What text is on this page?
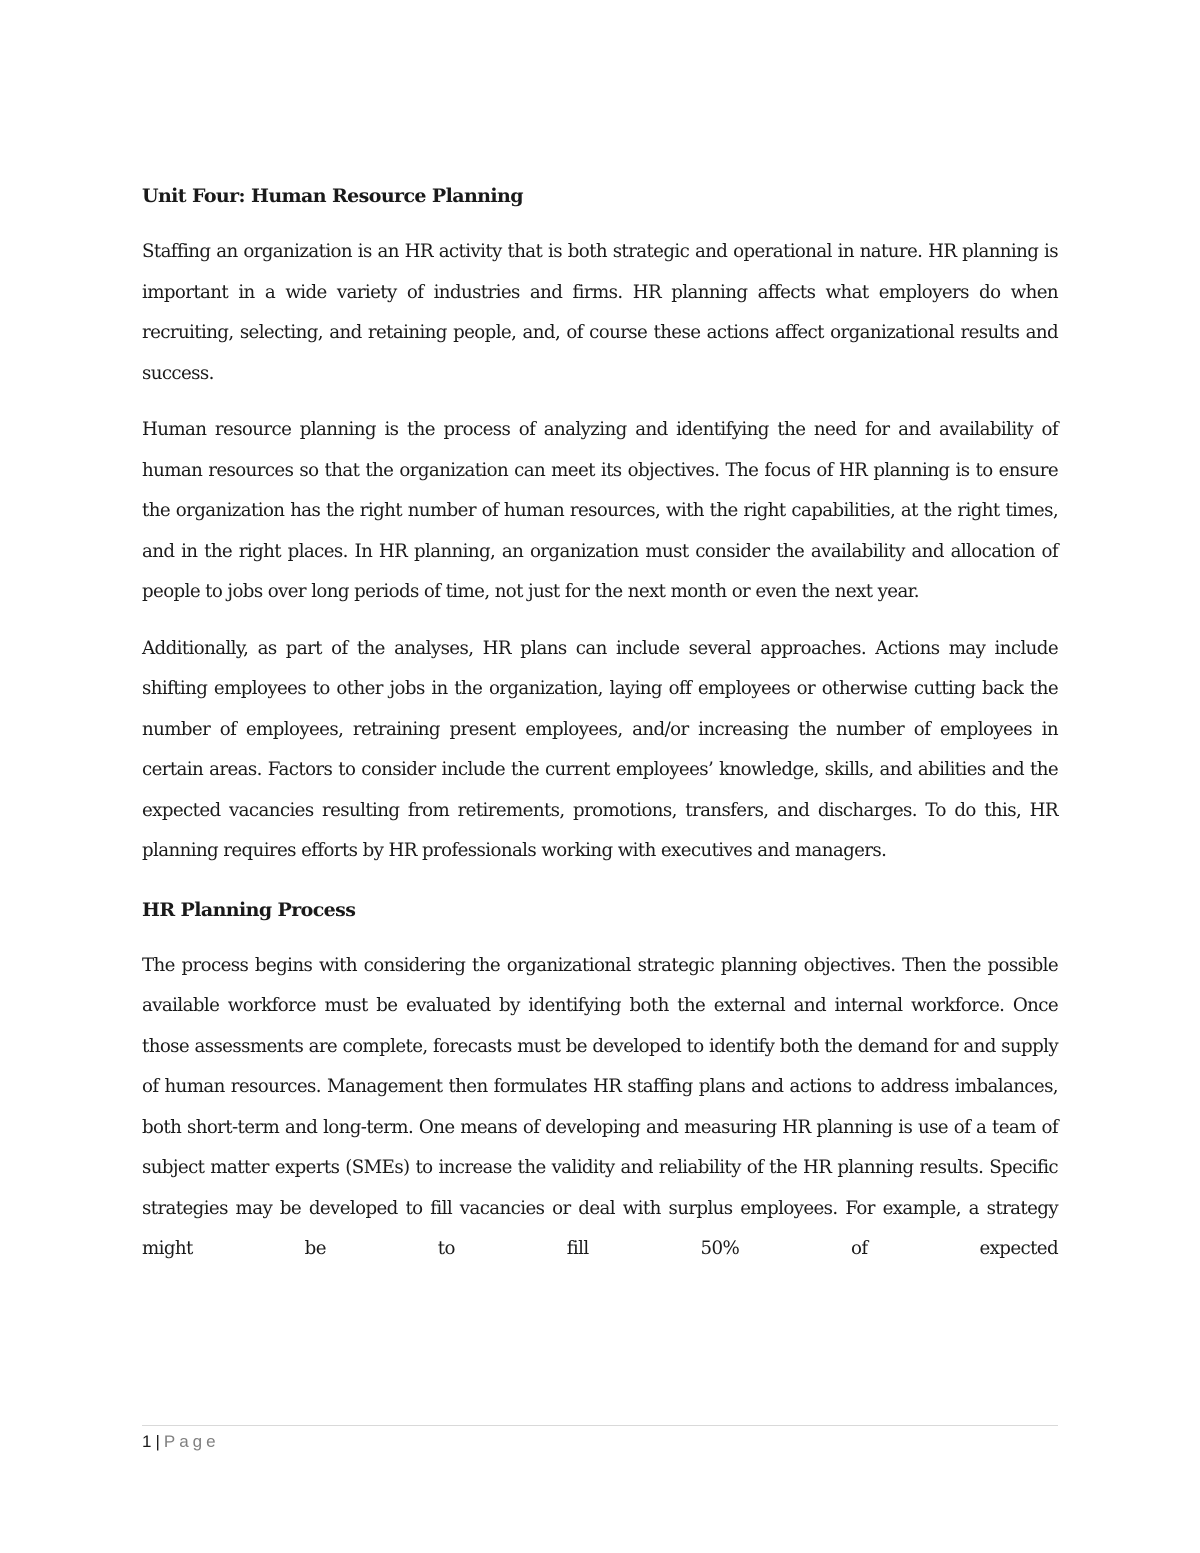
Unit Four: Human Resource Planning

Staffing an organization is an HR activity that is both strategic and operational in nature. HR planning is important in a wide variety of industries and firms. HR planning affects what employers do when recruiting, selecting, and retaining people, and, of course these actions affect organizational results and success.

Human resource planning is the process of analyzing and identifying the need for and availability of human resources so that the organization can meet its objectives. The focus of HR planning is to ensure the organization has the right number of human resources, with the right capabilities, at the right times, and in the right places. In HR planning, an organization must consider the availability and allocation of people to jobs over long periods of time, not just for the next month or even the next year.

Additionally, as part of the analyses, HR plans can include several approaches. Actions may include shifting employees to other jobs in the organization, laying off employees or otherwise cutting back the number of employees, retraining present employees, and/or increasing the number of employees in certain areas. Factors to consider include the current employees’ knowledge, skills, and abilities and the expected vacancies resulting from retirements, promotions, transfers, and discharges. To do this, HR planning requires efforts by HR professionals working with executives and managers.

HR Planning Process

The process begins with considering the organizational strategic planning objectives. Then the possible available workforce must be evaluated by identifying both the external and internal workforce. Once those assessments are complete, forecasts must be developed to identify both the demand for and supply of human resources. Management then formulates HR staffing plans and actions to address imbalances, both short-term and long-term. One means of developing and measuring HR planning is use of a team of subject matter experts (SMEs) to increase the validity and reliability of the HR planning results. Specific strategies may be developed to fill vacancies or deal with surplus employees. For example, a strategy might be to fill 50% of expected

1 | Page
